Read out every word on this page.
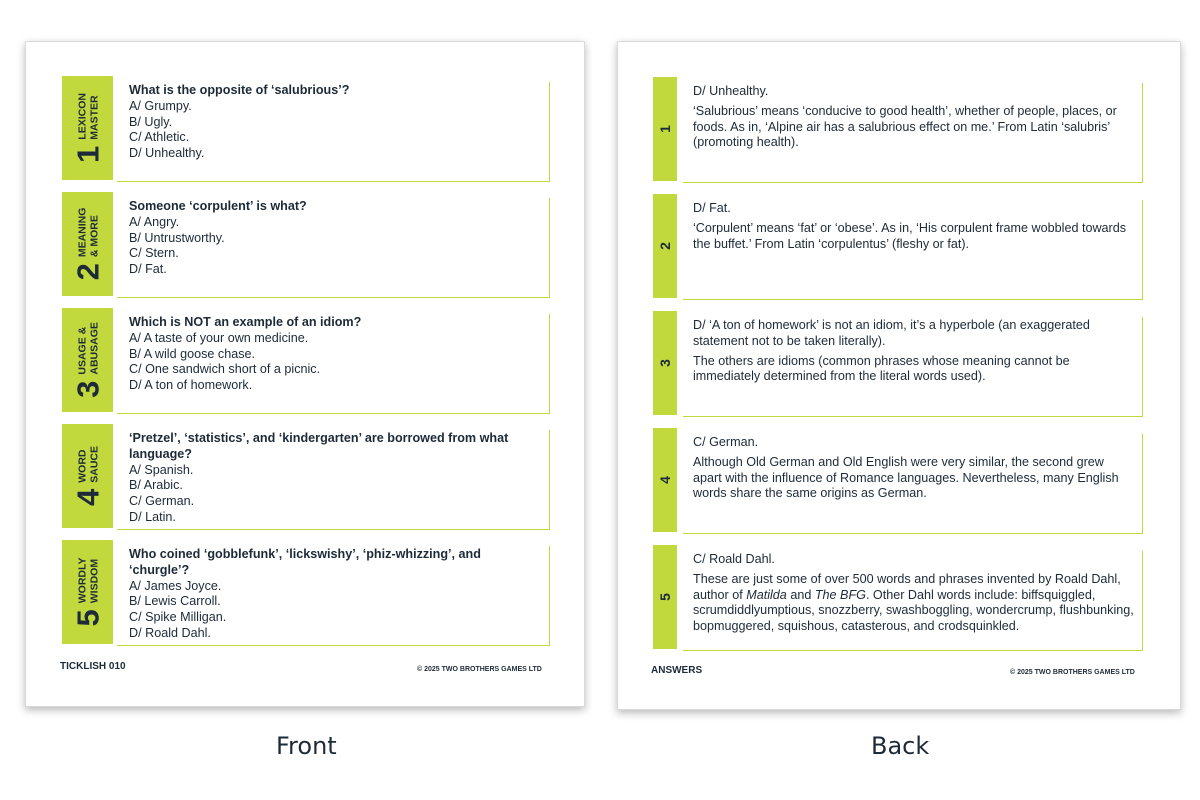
1
LEXICON MASTER
What is the opposite of ‘salubrious’?
A/ Grumpy.
B/ Ugly.
C/ Athletic.
D/ Unhealthy.
2
MEANING & MORE
Someone ‘corpulent’ is what?
A/ Angry.
B/ Untrustworthy.
C/ Stern.
D/ Fat.
3
USAGE & ABUSAGE
Which is NOT an example of an idiom?
A/ A taste of your own medicine.
B/ A wild goose chase.
C/ One sandwich short of a picnic.
D/ A ton of homework.
4
WORD SAUCE
‘Pretzel’, ‘statistics’, and ‘kindergarten’ are borrowed from what language?
A/ Spanish.
B/ Arabic.
C/ German.
D/ Latin.
5
WORDLY WISDOM
Who coined ‘gobblefunk’, ‘lickswishy’, ‘phiz-whizzing’, and ‘churgle’?
A/ James Joyce.
B/ Lewis Carroll.
C/ Spike Milligan.
D/ Roald Dahl.
TICKLISH 010	© 2025 TWO BROTHERS GAMES LTD
1
D/ Unhealthy.
‘Salubrious’ means ‘conducive to good health’, whether of people, places, or foods. As in, ‘Alpine air has a salubrious effect on me.’ From Latin ‘salubris’ (promoting health).
2
D/ Fat.
‘Corpulent’ means ‘fat’ or ‘obese’. As in, ‘His corpulent frame wobbled towards the buffet.’ From Latin ‘corpulentus’ (fleshy or fat).
3
D/ ‘A ton of homework’ is not an idiom, it’s a hyperbole (an exaggerated statement not to be taken literally).
The others are idioms (common phrases whose meaning cannot be immediately determined from the literal words used).
4
C/ German.
Although Old German and Old English were very similar, the second grew apart with the influence of Romance languages. Nevertheless, many English words share the same origins as German.
5
C/ Roald Dahl.
These are just some of over 500 words and phrases invented by Roald Dahl, author of Matilda and The BFG. Other Dahl words include: biffsquiggled, scrumdiddlyumptious, snozzberry, swashboggling, wondercrump, flushbunking, bopmuggered, squishous, catasterous, and crodsquinkled.
ANSWERS	© 2025 TWO BROTHERS GAMES LTD
Front	Back
